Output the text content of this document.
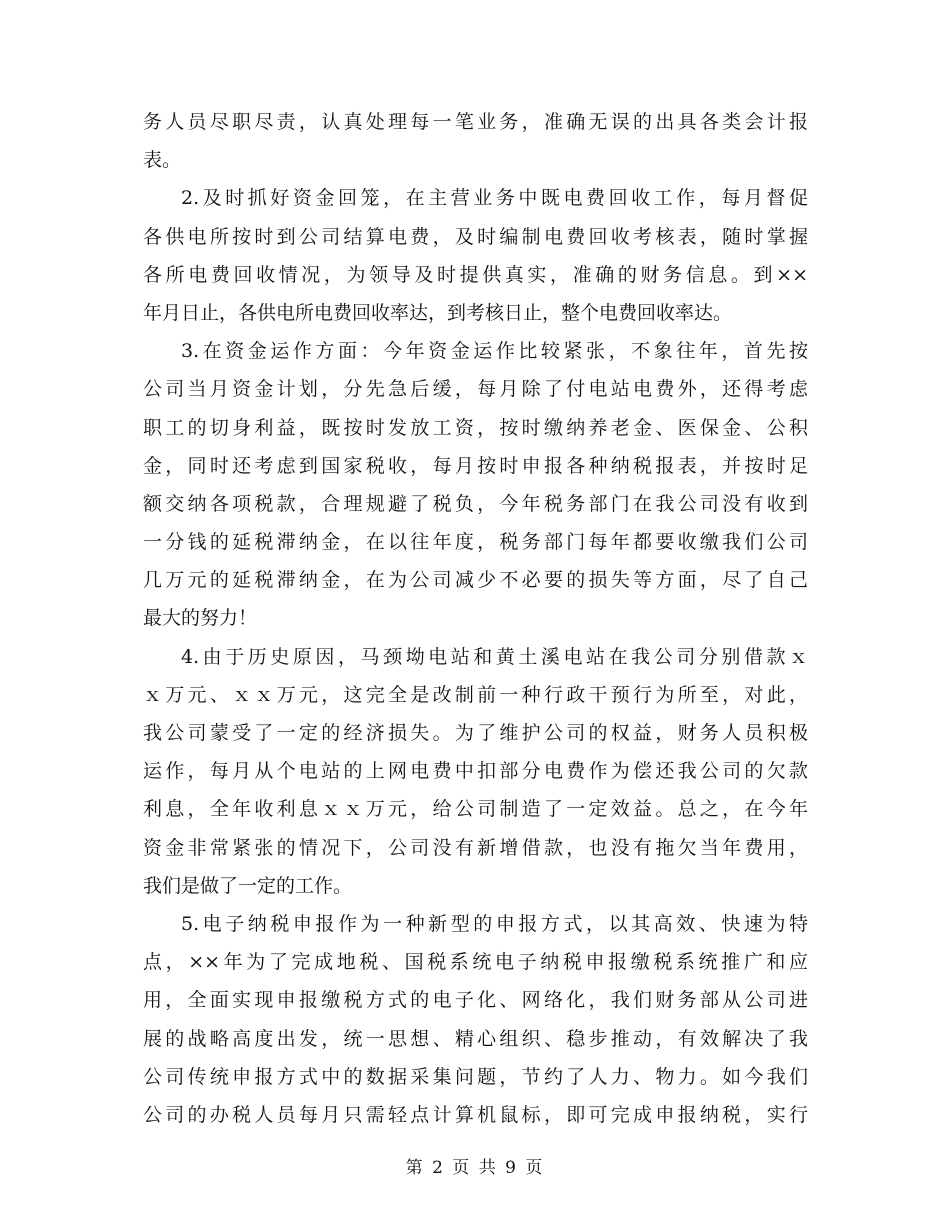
务人员尽职尽责，认真处理每一笔业务，准确无误的出具各类会计报
表。
2.及时抓好资金回笼，在主营业务中既电费回收工作，每月督促
各供电所按时到公司结算电费，及时编制电费回收考核表，随时掌握
各所电费回收情况，为领导及时提供真实，准确的财务信息。到××
年月日止，各供电所电费回收率达，到考核日止，整个电费回收率达。
3.在资金运作方面：今年资金运作比较紧张，不象往年，首先按
公司当月资金计划，分先急后缓，每月除了付电站电费外，还得考虑
职工的切身利益，既按时发放工资，按时缴纳养老金、医保金、公积
金，同时还考虑到国家税收，每月按时申报各种纳税报表，并按时足
额交纳各项税款，合理规避了税负，今年税务部门在我公司没有收到
一分钱的延税滞纳金，在以往年度，税务部门每年都要收缴我们公司
几万元的延税滞纳金，在为公司减少不必要的损失等方面，尽了自己
最大的努力！
4.由于历史原因，马颈坳电站和黄土溪电站在我公司分别借款ｘ
ｘ万元、ｘｘ万元，这完全是改制前一种行政干预行为所至，对此，
我公司蒙受了一定的经济损失。为了维护公司的权益，财务人员积极
运作，每月从个电站的上网电费中扣部分电费作为偿还我公司的欠款
利息，全年收利息ｘｘ万元，给公司制造了一定效益。总之，在今年
资金非常紧张的情况下，公司没有新增借款，也没有拖欠当年费用，
我们是做了一定的工作。
5.电子纳税申报作为一种新型的申报方式，以其高效、快速为特
点，××年为了完成地税、国税系统电子纳税申报缴税系统推广和应
用，全面实现申报缴税方式的电子化、网络化，我们财务部从公司进
展的战略高度出发，统一思想、精心组织、稳步推动，有效解决了我
公司传统申报方式中的数据采集问题，节约了人力、物力。如今我们
公司的办税人员每月只需轻点计算机鼠标，即可完成申报纳税，实行
第 2 页 共 9 页
